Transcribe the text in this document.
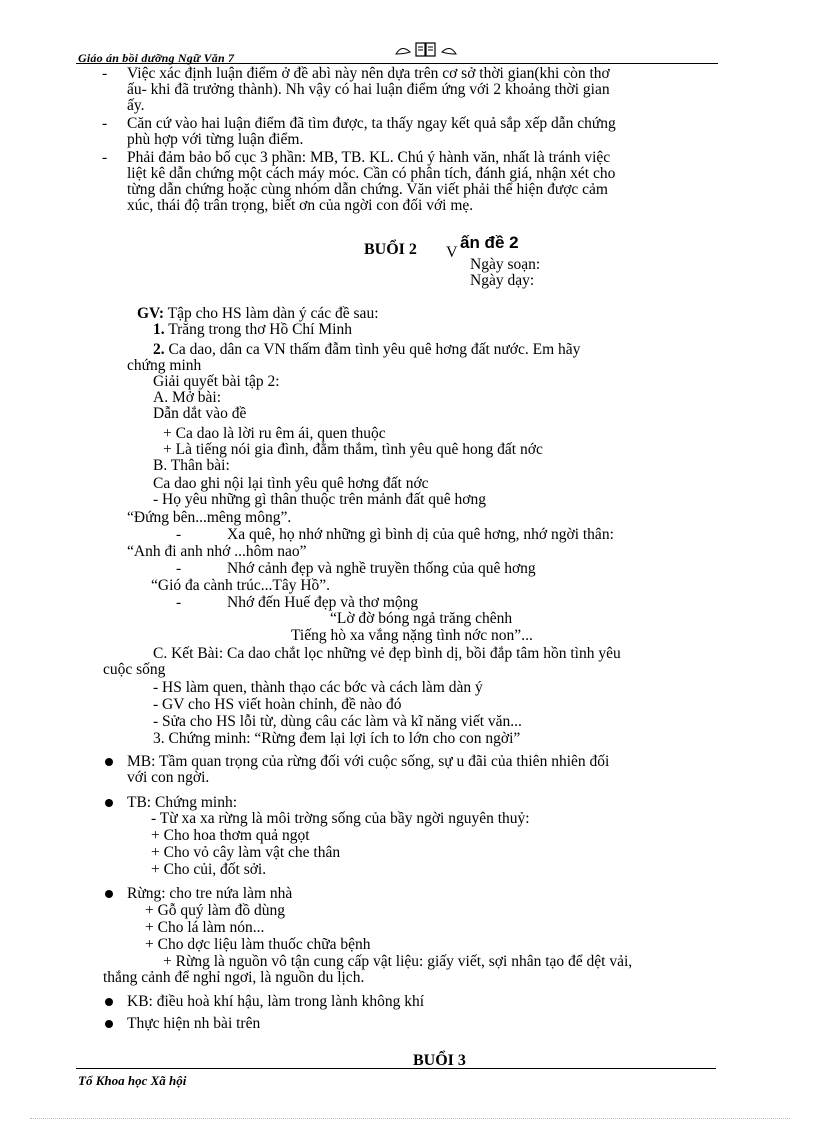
Giáo án bồi dưỡng Ngữ Văn 7
-	Việc xác định luận điểm ở đề abì này nên dựa trên cơ sở thời gian(khi còn thơ
ấu- khi đã trưởng thành). Nh vậy có hai luận điểm ứng với 2 khoảng thời gian
ấy.
-	Căn cứ vào hai luận điểm đã tìm được, ta thấy ngay kết quả sắp xếp dẫn chứng
phù hợp với từng luận điểm.
-	Phải đảm bảo bố cục 3 phần: MB, TB. KL. Chú ý hành văn, nhất là tránh việc
liệt kê dẫn chứng một cách máy móc. Cần có phân tích, đánh giá, nhận xét cho
từng dẫn chứng hoặc cùng nhóm dẫn chứng. Văn viết phải thể hiện được cảm
xúc, thái độ trân trọng, biết ơn của ngời con đối với mẹ.
BUỔI 2 V
ấn đề 2
Ngày soạn:
Ngày dạy:
GV: Tập cho HS làm dàn ý các đề sau:
1. Trăng trong thơ Hồ Chí Minh
2. Ca dao, dân ca VN thấm đẫm tình yêu quê hơng đất nước. Em hãy
chứng minh
Giải quyết bài tập 2:
A. Mở bài:
Dẫn dắt vào đề
+ Ca dao là lời ru êm ái, quen thuộc
+ Là tiếng nói gia đình, đằm thắm, tình yêu quê hong đất nớc
B. Thân bài:
Ca dao ghi nội lại tình yêu quê hơng đất nớc
- Họ yêu những gì thân thuộc trên mảnh đất quê hơng
“Đứng bên...mêng mông”.
-	Xa quê, họ nhớ những gì bình dị của quê hơng, nhớ ngời thân:
“Anh đi anh nhớ ...hôm nao”
-	Nhớ cảnh đẹp và nghề truyền thống của quê hơng
“Gió đa cành trúc...Tây Hồ”.
-	Nhớ đến Huế đẹp và thơ mộng
“Lờ đờ bóng ngả trăng chênh
Tiếng hò xa vắng nặng tình nớc non”...
C. Kết Bài: Ca dao chắt lọc những vẻ đẹp bình dị, bồi đắp tâm hồn tình yêu
cuộc sống
- HS làm quen, thành thạo các bớc và cách làm dàn ý
- GV cho HS viết hoàn chỉnh, đề nào đó
- Sửa cho HS lỗi từ, dùng câu các làm và kĩ năng viết văn...
3. Chứng minh: “Rừng đem lại lợi ích to lớn cho con ngời”
MB: Tầm quan trọng của rừng đối với cuộc sống, sự u đãi của thiên nhiên đối
với con ngời.
TB: Chứng minh:
- Từ xa xa rừng là môi trờng sống của bầy ngời nguyên thuỷ:
+ Cho hoa thơm quả ngọt
+ Cho vỏ cây làm vật che thân
+ Cho củi, đốt sởi.
Rừng: cho tre nứa làm nhà
+ Gỗ quý làm đồ dùng
+ Cho lá làm nón...
+ Cho dợc liệu làm thuốc chữa bệnh
+ Rừng là nguồn vô tận cung cấp vật liệu: giấy viết, sợi nhân tạo để dệt vải,
thắng cảnh để nghỉ ngơi, là nguồn du lịch.
KB: điều hoà khí hậu, làm trong lành không khí
Thực hiện nh bài trên
BUỔI 3
Tổ Khoa học Xã hội
